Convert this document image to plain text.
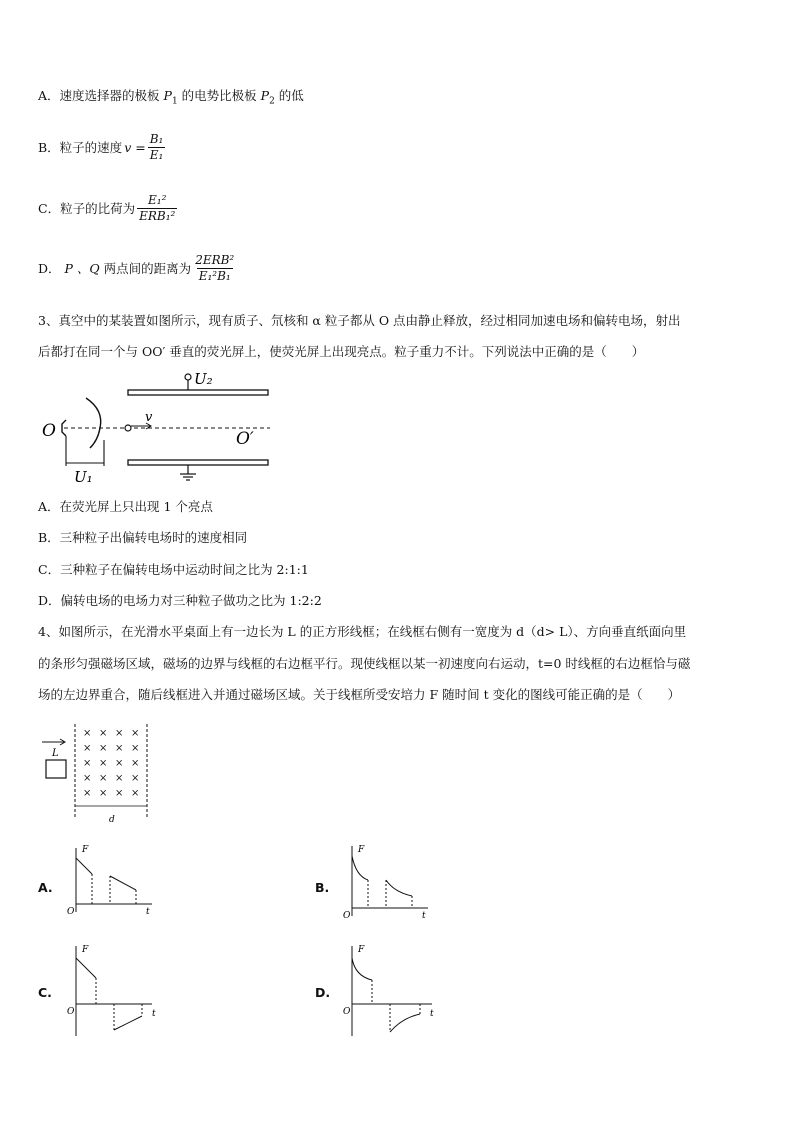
A．速度选择器的极板 $P_1$ 的电势比极板 $P_2$ 的低
B．粒子的速度 $v = \frac{\text{B₁}}{\text{E₁}}$
C．粒子的比荷为 $\frac{\text{E₁²}}{\text{ERB₁²}}$
D． P 、Q 两点间的距离为 $\frac{\text{2ERB²}}{\text{E₁²B₁}}$
3、真空中的某装置如图所示，现有质子、氘核和 α 粒子都从 O 点由静止释放，经过相同加速电场和偏转电场，射出
后都打在同一个与 OO′ 垂直的荧光屏上，使荧光屏上出现亮点。粒子重力不计。下列说法中正确的是（　　）
U₂
O
v
O′
U₁
A．在荧光屏上只出现 1 个亮点
B．三种粒子出偏转电场时的速度相同
C．三种粒子在偏转电场中运动时间之比为 2:1:1
D．偏转电场的电场力对三种粒子做功之比为 1:2:2
4、如图所示，在光滑水平桌面上有一边长为 L 的正方形线框；在线框右侧有一宽度为 d（d> L）、方向垂直纸面向里
的条形匀强磁场区域，磁场的边界与线框的右边框平行。现使线框以某一初速度向右运动，t=0 时线框的右边框恰与磁
场的左边界重合，随后线框进入并通过磁场区域。关于线框所受安培力 F 随时间 t 变化的图线可能正确的是（　　）
L
× × × ×
× × × ×
× × × ×
× × × ×
× × × ×
d
A.
F
t
O
B.
F
t
O
C.
F
t
O
D.
F
t
O
